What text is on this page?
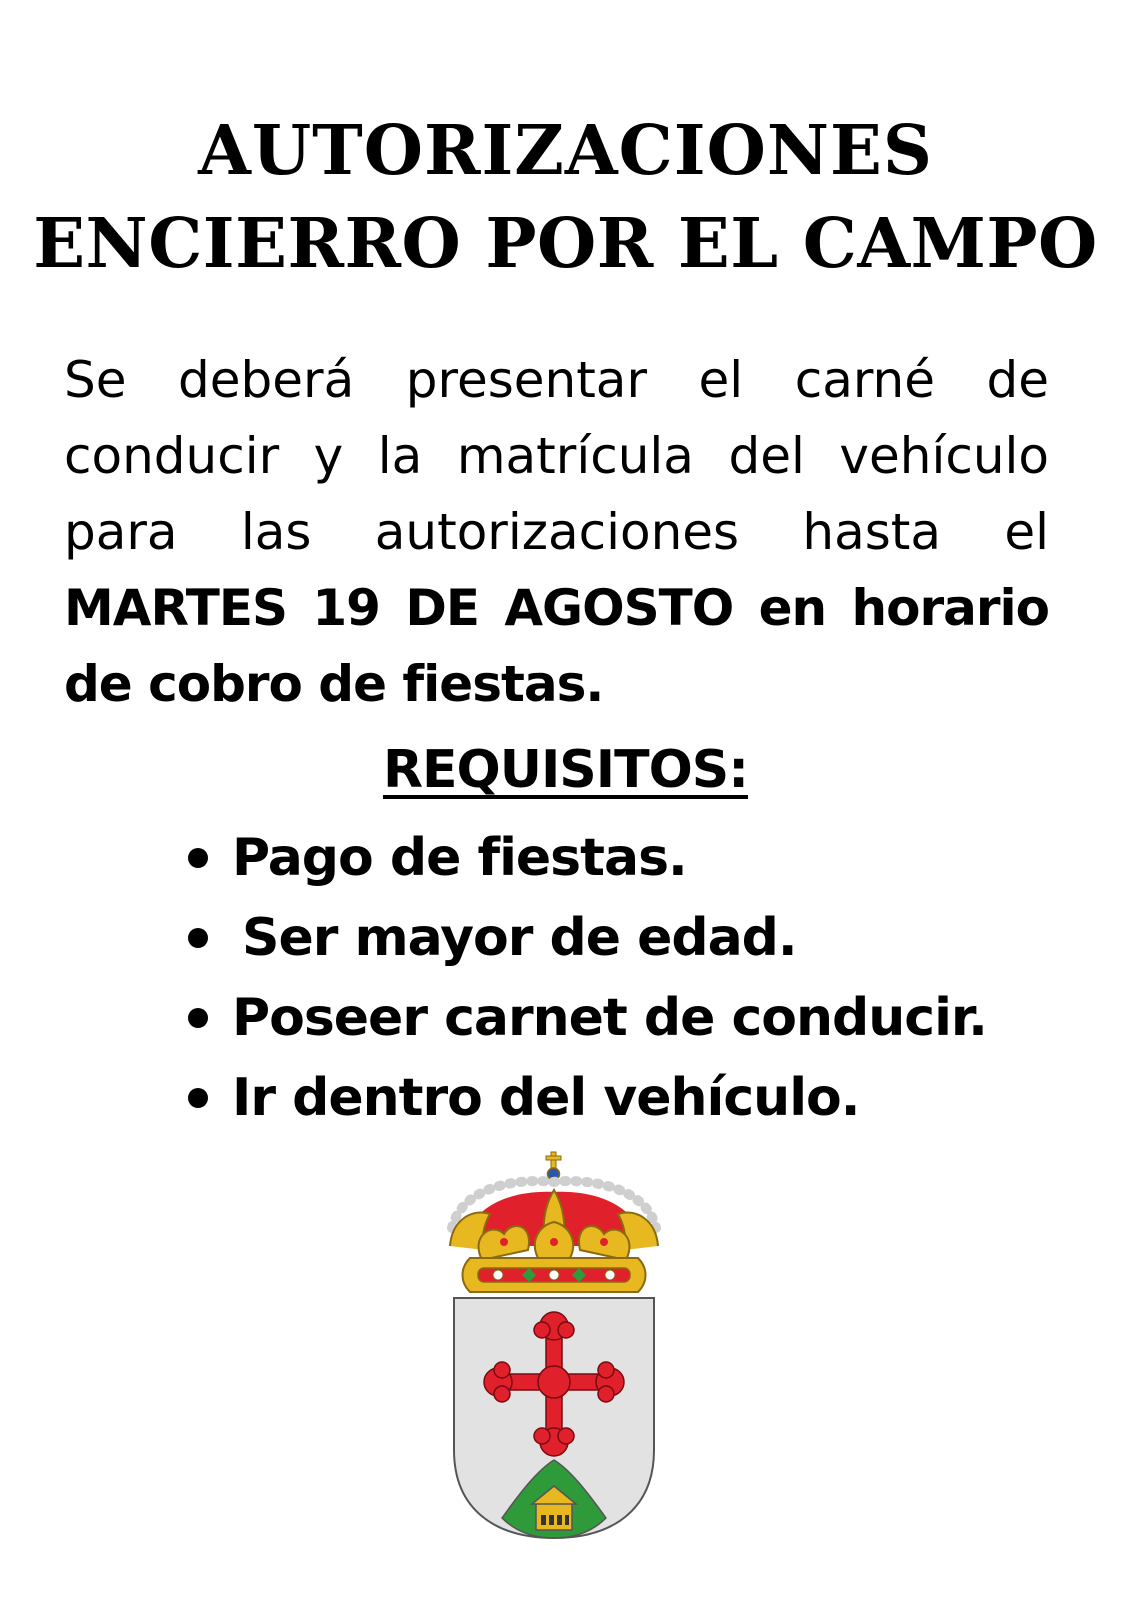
AUTORIZACIONES
ENCIERRO POR EL CAMPO

Se deberá presentar el carné de conducir y la matrícula del vehículo para las autorizaciones hasta el MARTES 19 DE AGOSTO en horario de cobro de fiestas.

REQUISITOS:
Pago de fiestas.
Ser mayor de edad.
Poseer carnet de conducir.
Ir dentro del vehículo.
